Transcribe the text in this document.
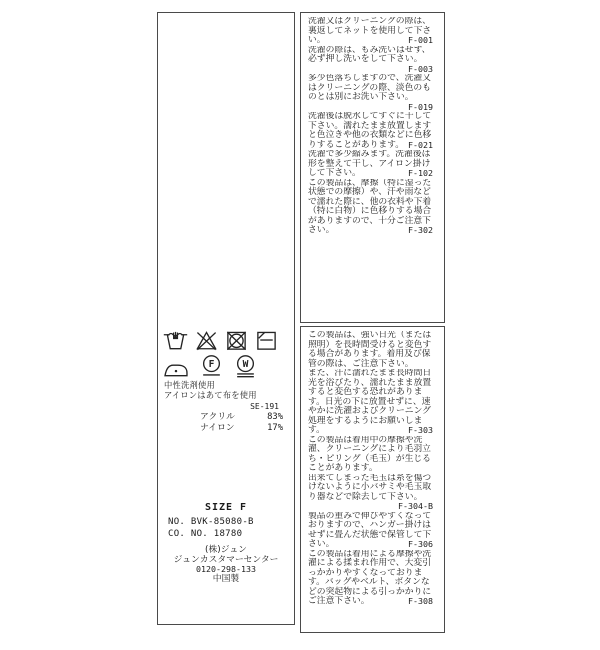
F	W
中性洗剤使用
アイロンはあて布を使用
SE-191
アクリル	83%
ナイロン	17%
SIZE F
NO. BVK-85080-B
CO. NO. 18780
(株)ジュン
ジュンカスタマーセンター
0120-298-133
中国製

洗濯又はクリーニングの際は、裏返してネットを使用して下さい。	F-001

洗濯の際は、もみ洗いはせず、必ず押し洗いをして下さい。
F-003

多少色落ちしますので、洗濯又はクリーニングの際、淡色のものとは別にお洗い下さい。
F-019

洗濯後は脱水してすぐに干して下さい。濡れたまま放置しますと色泣きや他の衣類などに色移りすることがあります。 F-021

洗濯で多少縮みます。洗濯後は形を整えて干し、アイロン掛けして下さい。	F-102

この製品は、摩擦（特に湿った状態での摩擦）や、汗や雨などで濡れた際に、他の衣料や下着（特に白物）に色移りする場合がありますので、十分ご注意下さい。	F-302

この製品は、強い日光（または照明）を長時間受けると変色する場合があります。着用及び保管の際は、ご注意下さい。

また、汗に濡れたまま長時間日光を浴びたり、濡れたまま放置すると変色する恐れがあります。日光の下に放置せずに、速やかに洗濯およびクリーニング処理をするようにお願いします。	F-303

この製品は着用中の摩擦や洗濯、クリーニングにより毛羽立ち・ピリング（毛玉）が生じることがあります。

出来てしまった毛玉は糸を傷つけないように小バサミや毛玉取り器などで除去して下さい。
F-304-B

製品の重みで伸びやすくなっておりますので、ハンガー掛けはせずに畳んだ状態で保管して下さい。	F-306

この製品は着用による摩擦や洗濯による揉まれ作用で、大変引っかかりやすくなっております。バッグやベルト、ボタンなどの突起物による引っかかりにご注意下さい。	F-308
